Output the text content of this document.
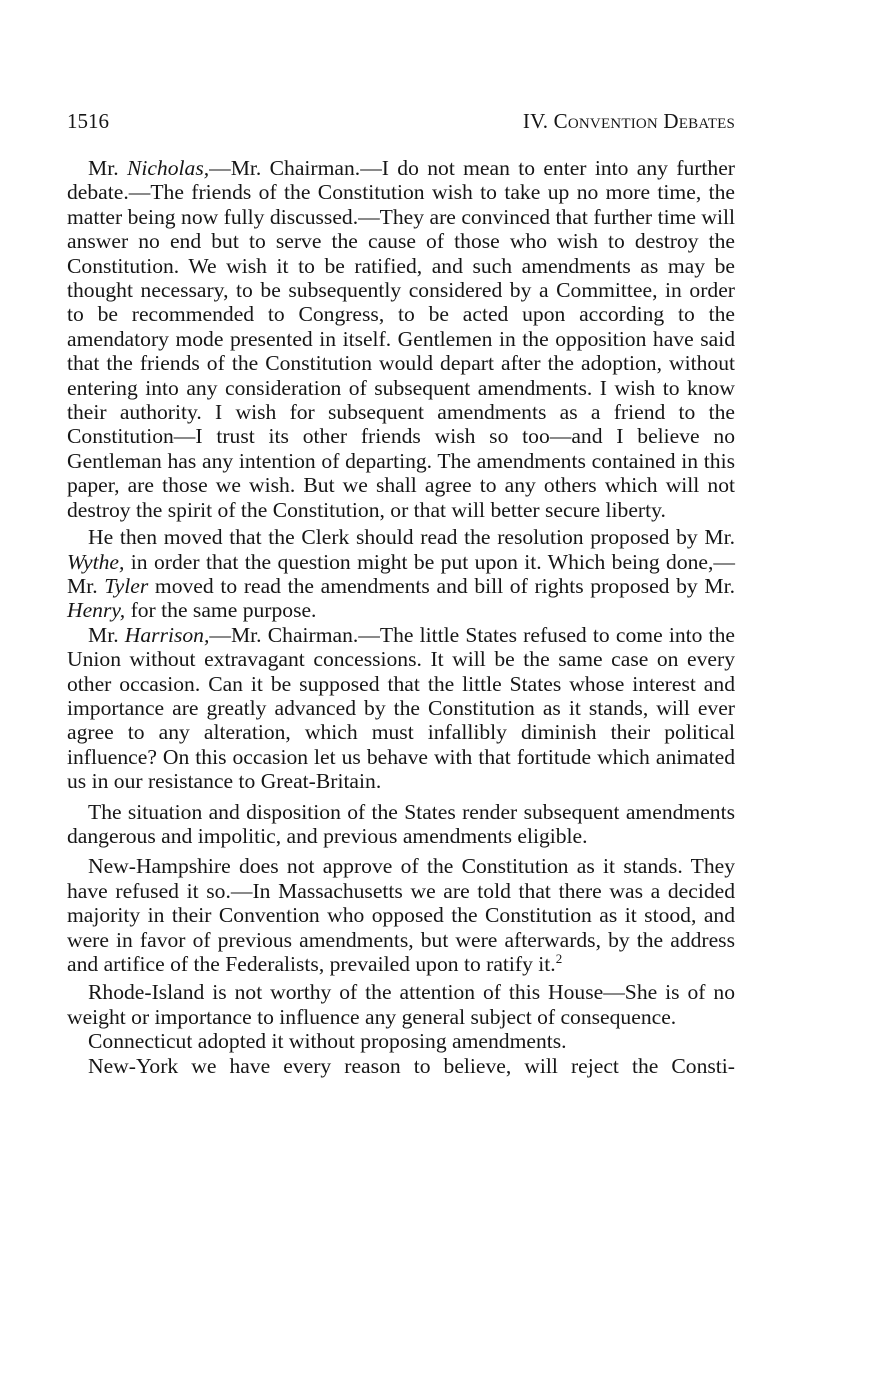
1516	IV. Convention Debates

Mr. Nicholas,—Mr. Chairman.—I do not mean to enter into any further debate.—The friends of the Constitution wish to take up no more time, the matter being now fully discussed.—They are convinced that further time will answer no end but to serve the cause of those who wish to destroy the Constitution. We wish it to be ratified, and such amendments as may be thought necessary, to be subsequently considered by a Committee, in order to be recommended to Congress, to be acted upon according to the amendatory mode presented in itself. Gentlemen in the opposition have said that the friends of the Constitution would depart after the adoption, without entering into any consideration of subsequent amendments. I wish to know their authority. I wish for subsequent amendments as a friend to the Constitution—I trust its other friends wish so too—and I believe no Gentleman has any intention of departing. The amendments contained in this paper, are those we wish. But we shall agree to any others which will not destroy the spirit of the Constitution, or that will better secure liberty.

He then moved that the Clerk should read the resolution proposed by Mr. Wythe, in order that the question might be put upon it. Which being done,—Mr. Tyler moved to read the amendments and bill of rights proposed by Mr. Henry, for the same purpose.

Mr. Harrison,—Mr. Chairman.—The little States refused to come into the Union without extravagant concessions. It will be the same case on every other occasion. Can it be supposed that the little States whose interest and importance are greatly advanced by the Constitution as it stands, will ever agree to any alteration, which must infallibly diminish their political influence? On this occasion let us behave with that fortitude which animated us in our resistance to Great-Britain.

The situation and disposition of the States render subsequent amendments dangerous and impolitic, and previous amendments eligible.

New-Hampshire does not approve of the Constitution as it stands. They have refused it so.—In Massachusetts we are told that there was a decided majority in their Convention who opposed the Constitution as it stood, and were in favor of previous amendments, but were afterwards, by the address and artifice of the Federalists, prevailed upon to ratify it.$^2$

Rhode-Island is not worthy of the attention of this House—She is of no weight or importance to influence any general subject of consequence.

Connecticut adopted it without proposing amendments.

New-York we have every reason to believe, will reject the Consti-
